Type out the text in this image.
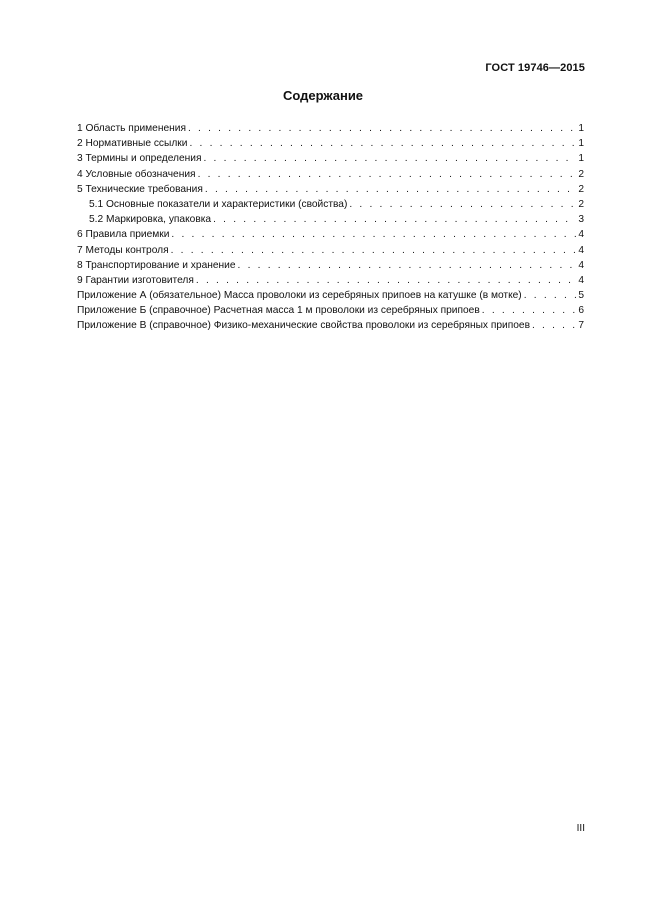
ГОСТ 19746—2015
Содержание
1 Область применения . . .	1
2 Нормативные ссылки . . .	1
3 Термины и определения . . .	1
4 Условные обозначения . . .	2
5 Технические требования . . .	2
5.1 Основные показатели и характеристики (свойства) . . .	2
5.2 Маркировка, упаковка . . .	3
6 Правила приемки . . .	4
7 Методы контроля . . .	4
8 Транспортирование и хранение . . .	4
9 Гарантии изготовителя . . .	4
Приложение А (обязательное) Масса проволоки из серебряных припоев на катушке (в мотке) . . .	5
Приложение Б (справочное) Расчетная масса 1 м проволоки из серебряных припоев . . .	6
Приложение В (справочное) Физико-механические свойства проволоки из серебряных припоев . . .	7
III
